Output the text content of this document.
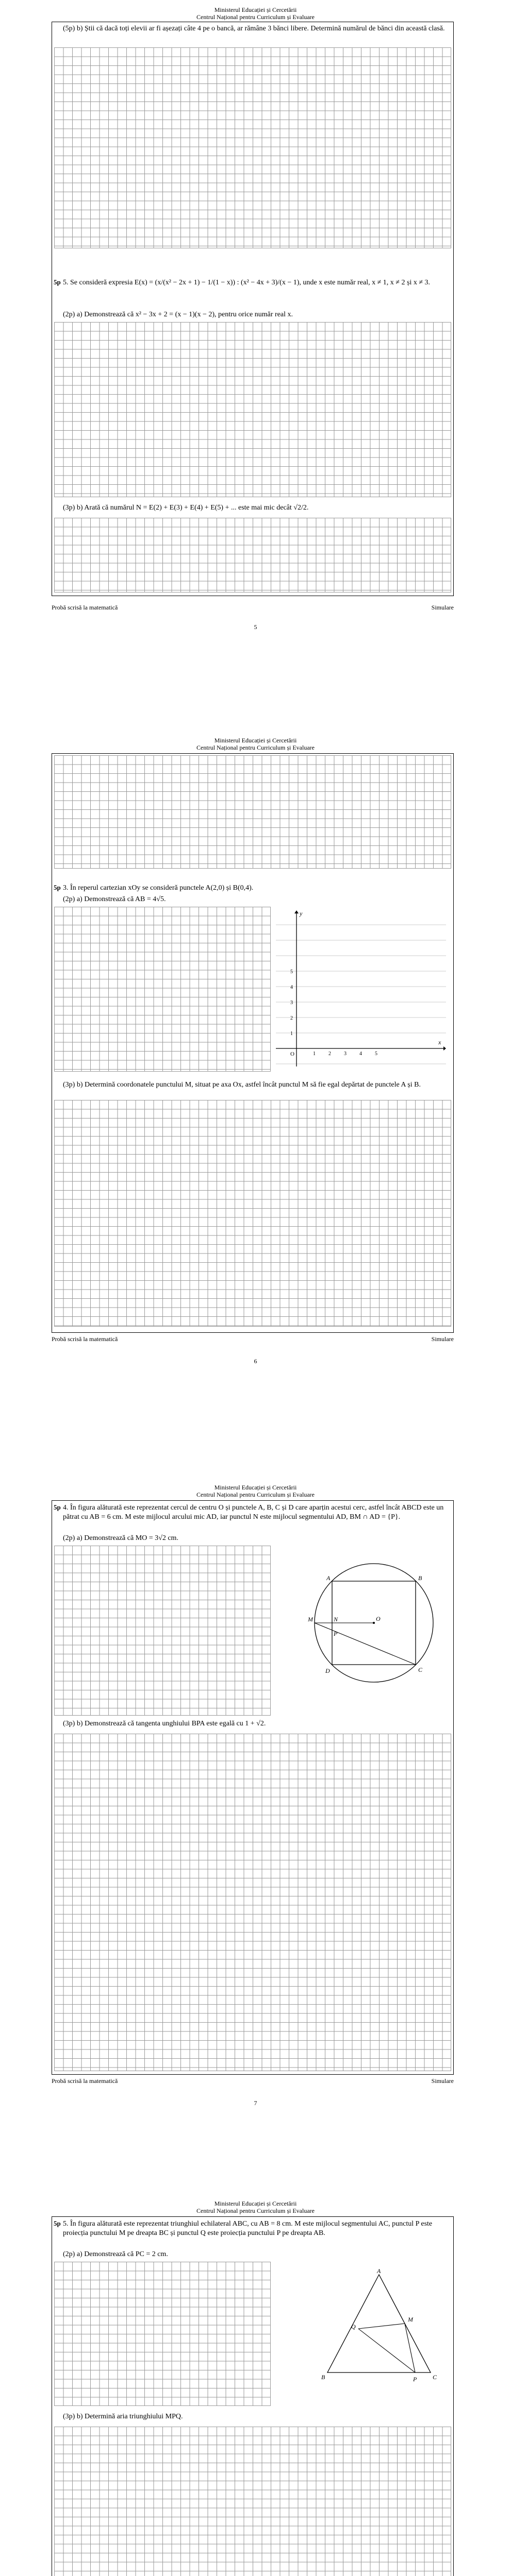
Ministerul Educației și Cercetării
Centrul Național pentru Curriculum și Evaluare
(5p) b) Știi că dacă toți elevii ar fi așezați câte 4 pe o bancă, ar rămâne 3 bănci libere. Determină numărul de bănci din această clasă.
5p 5. Se consideră expresia E(x) = (x/(x² − 2x + 1) − 1/(1 − x)) : (x² − 4x + 3)/(x − 1), unde x este număr real, x ≠ 1, x ≠ 2 și x ≠ 3.
(2p) a) Demonstrează că x² − 3x + 2 = (x − 1)(x − 2), pentru orice număr real x.
(3p) b) Arată că numărul N = E(2) + E(3) + E(4) + E(5) + ... este mai mic decât √2/2.
Probă scrisă la matematică	Simulare
5
Ministerul Educației și Cercetării
Centrul Național pentru Curriculum și Evaluare
5p 3. În reperul cartezian xOy se consideră punctele A(2,0) și B(0,4).
(2p) a) Demonstrează că AB = 4√5.
x
y
O	1	2	3	4	5
1
2
3
4
5
(3p) b) Determină coordonatele punctului M, situat pe axa Ox, astfel încât punctul M să fie egal depărtat de punctele A și B.
Probă scrisă la matematică	Simulare
6
Ministerul Educației și Cercetării
Centrul Național pentru Curriculum și Evaluare
5p 4. În figura alăturată este reprezentat cercul de centru O și punctele A, B, C și D care aparțin acestui cerc, astfel încât ABCD este un pătrat cu AB = 6 cm. M este mijlocul arcului mic AD, iar punctul N este mijlocul segmentului AD, BM ∩ AD = {P}.
(2p) a) Demonstrează că MO = 3√2 cm.
A	B
C
D
O
M	N
P
(3p) b) Demonstrează că tangenta unghiului BPA este egală cu 1 + √2.
Probă scrisă la matematică	Simulare
7
Ministerul Educației și Cercetării
Centrul Național pentru Curriculum și Evaluare
5p 5. În figura alăturată este reprezentat triunghiul echilateral ABC, cu AB = 8 cm. M este mijlocul segmentului AC, punctul P este proiecția punctului M pe dreapta BC și punctul Q este proiecția punctului P pe dreapta AB.
(2p) a) Demonstrează că PC = 2 cm.
A
B	C
M
P
Q
(3p) b) Determină aria triunghiului MPQ.
